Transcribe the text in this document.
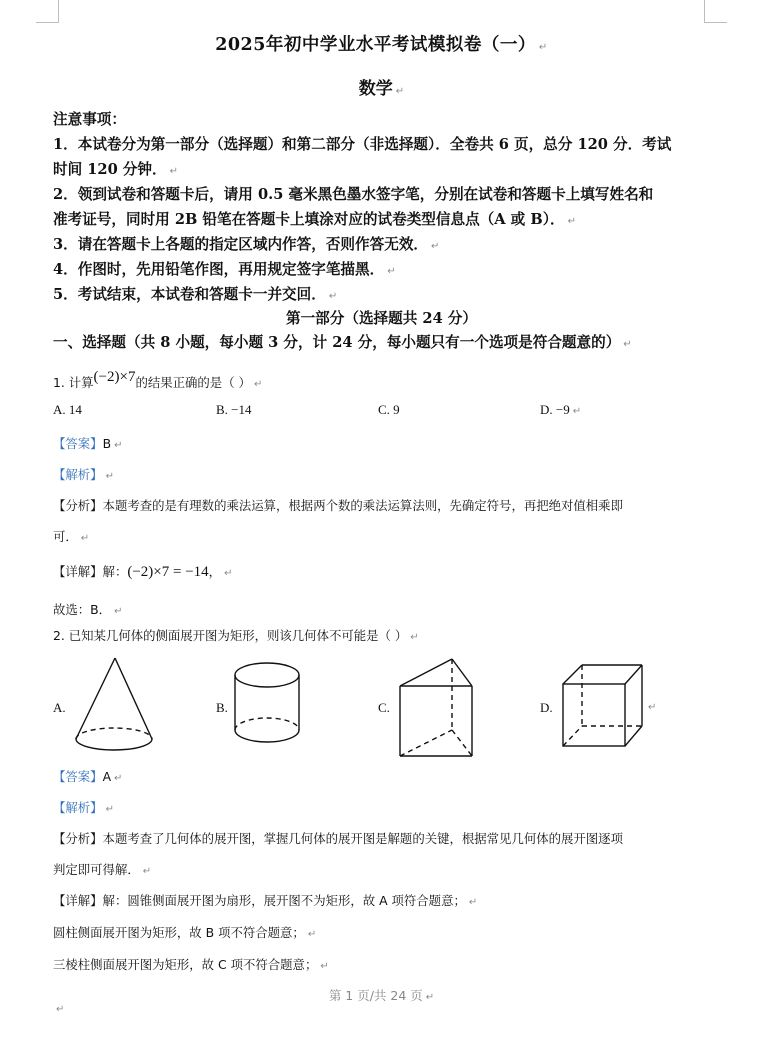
2025年初中学业水平考试模拟卷（一） ↵
数学 ↵
注意事项：
1．本试卷分为第一部分（选择题）和第二部分（非选择题）．全卷共 6 页，总分 120 分．考试
时间 120 分钟． ↵
2．领到试卷和答题卡后，请用 0.5 毫米黑色墨水签字笔，分别在试卷和答题卡上填写姓名和
准考证号，同时用 2B 铅笔在答题卡上填涂对应的试卷类型信息点（A 或 B）． ↵
3．请在答题卡上各题的指定区域内作答，否则作答无效． ↵
4．作图时，先用铅笔作图，再用规定签字笔描黑． ↵
5．考试结束，本试卷和答题卡一并交回． ↵
第一部分（选择题共 24 分）
一、选择题（共 8 小题，每小题 3 分，计 24 分，每小题只有一个选项是符合题意的） ↵
1. 计算$^{(-2)\times 7}$的结果正确的是（ ） ↵
A. 14	B. −14	C. 9	D. −9 ↵
【答案】B ↵
【解析】 ↵
【分析】本题考查的是有理数的乘法运算，根据两个数的乘法运算法则，先确定符号，再把绝对值相乘即
可． ↵
【详解】解：(−2)×7 = −14， ↵
故选：B． ↵
2. 已知某几何体的侧面展开图为矩形，则该几何体不可能是（ ） ↵
A.	B.	C.	D.	↵
【答案】A ↵
【解析】 ↵
【分析】本题考查了几何体的展开图，掌握几何体的展开图是解题的关键，根据常见几何体的展开图逐项
判定即可得解． ↵
【详解】解：圆锥侧面展开图为扇形，展开图不为矩形，故 A 项符合题意； ↵
圆柱侧面展开图为矩形，故 B 项不符合题意； ↵
三棱柱侧面展开图为矩形，故 C 项不符合题意； ↵
第 1 页/共 24 页 ↵
↵
